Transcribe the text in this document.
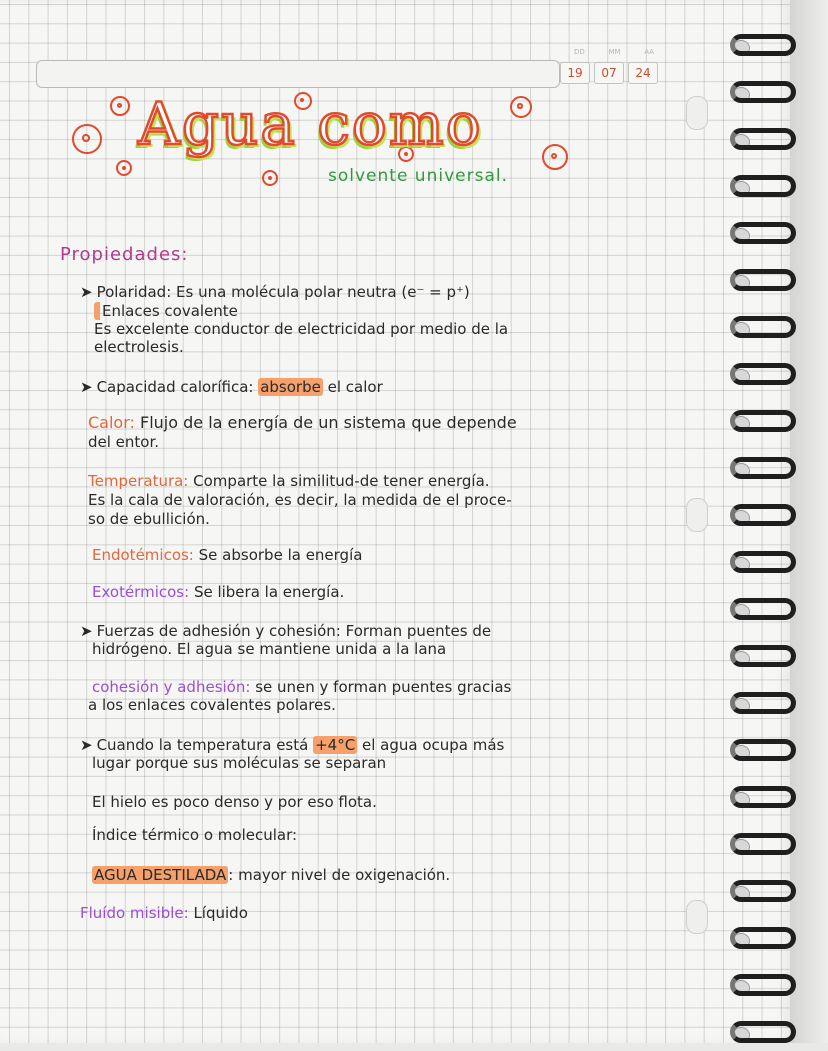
DD	MM	AA
19	07	24
Agua como
solvente universal.
Propiedades:
➤ Polaridad: Es una molécula polar neutra (e⁻ = p⁺)
Enlaces covalente
Es excelente conductor de electricidad por medio de la
electrolesis.
➤ Capacidad calorífica: absorbe el calor
Calor: Flujo de la energía de un sistema que depende
del entor.
Temperatura: Comparte la similitud-de tener energía.
Es la cala de valoración, es decir, la medida de el proce-
so de ebullición.
Endotémicos: Se absorbe la energía
Exotérmicos: Se libera la energía.
➤ Fuerzas de adhesión y cohesión: Forman puentes de
hidrógeno. El agua se mantiene unida a la lana
cohesión y adhesión: se unen y forman puentes gracias
a los enlaces covalentes polares.
➤ Cuando la temperatura está +4°C el agua ocupa más
lugar porque sus moléculas se separan
El hielo es poco denso y por eso flota.
Índice térmico o molecular:
AGUA DESTILADA : mayor nivel de oxigenación.
Fluído misible: Líquido
